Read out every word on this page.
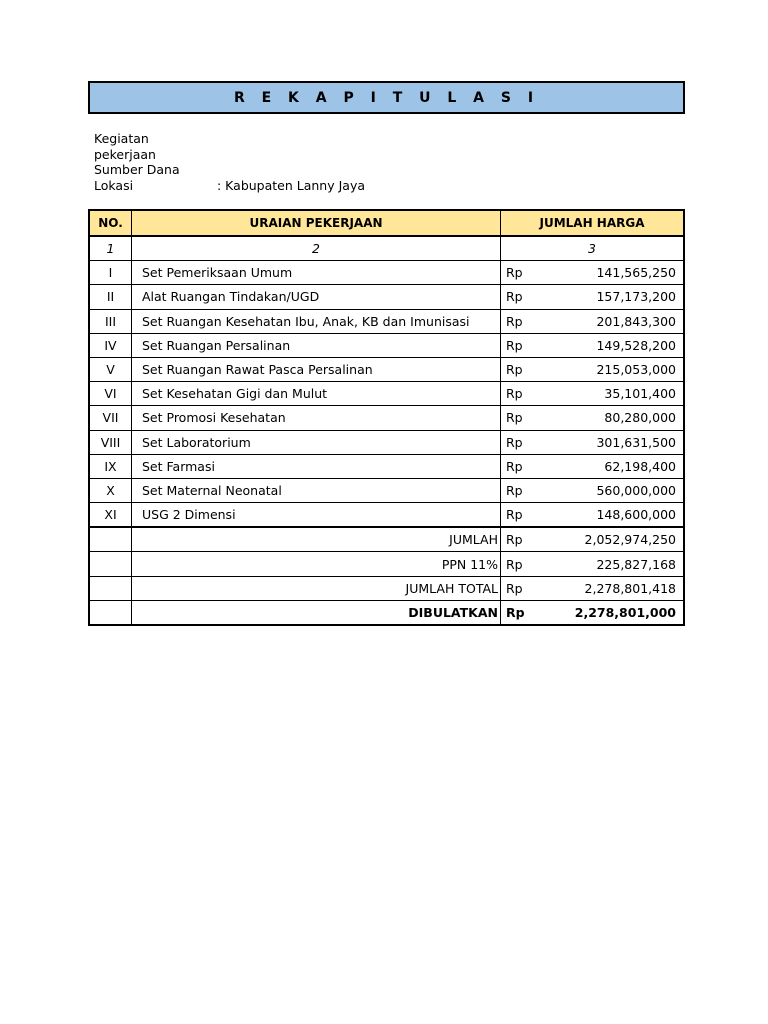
R E K A P I T U L A S I
Kegiatan
pekerjaan
Sumber Dana
Lokasi	: Kabupaten Lanny Jaya
NO.	URAIAN PEKERJAAN	JUMLAH HARGA	
1	2	3	
I	Set Pemeriksaan Umum	Rp	141,565,250
II	Alat Ruangan Tindakan/UGD	Rp	157,173,200
III	Set Ruangan Kesehatan Ibu, Anak, KB dan Imunisasi	Rp	201,843,300
IV	Set Ruangan Persalinan	Rp	149,528,200
V	Set Ruangan Rawat Pasca Persalinan	Rp	215,053,000
VI	Set Kesehatan Gigi dan Mulut	Rp	35,101,400
VII	Set Promosi Kesehatan	Rp	80,280,000
VIII	Set Laboratorium	Rp	301,631,500
IX	Set Farmasi	Rp	62,198,400
X	Set Maternal Neonatal	Rp	560,000,000
XI	USG 2 Dimensi	Rp	148,600,000
	JUMLAH	Rp	2,052,974,250
	PPN 11%	Rp	225,827,168
	JUMLAH TOTAL	Rp	2,278,801,418
	DIBULATKAN	Rp	2,278,801,000
